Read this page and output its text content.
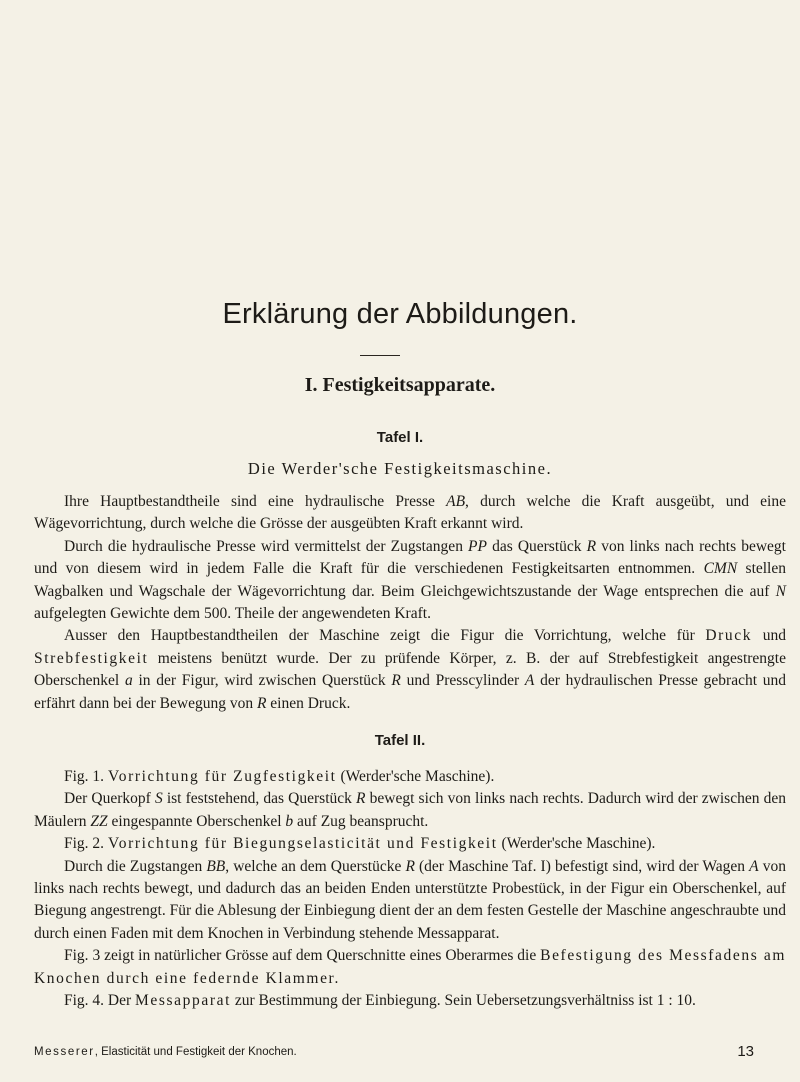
Erklärung der Abbildungen.
I. Festigkeitsapparate.
Tafel I.
Die Werder'sche Festigkeitsmaschine.

Ihre Hauptbestandtheile sind eine hydraulische Presse AB, durch welche die Kraft ausgeübt, und eine Wägevorrichtung, durch welche die Grösse der ausgeübten Kraft erkannt wird.

Durch die hydraulische Presse wird vermittelst der Zugstangen PP das Querstück R von links nach rechts bewegt und von diesem wird in jedem Falle die Kraft für die verschiedenen Festigkeitsarten entnommen. CMN stellen Wagbalken und Wagschale der Wägevorrichtung dar. Beim Gleichgewichtszustande der Wage entsprechen die auf N aufgelegten Gewichte dem 500. Theile der angewendeten Kraft.

Ausser den Hauptbestandtheilen der Maschine zeigt die Figur die Vorrichtung, welche für Druck und Strebfestigkeit meistens benützt wurde. Der zu prüfende Körper, z. B. der auf Strebfestigkeit angestrengte Oberschenkel a in der Figur, wird zwischen Querstück R und Presscylinder A der hydraulischen Presse gebracht und erfährt dann bei der Bewegung von R einen Druck.

Tafel II.

Fig. 1. Vorrichtung für Zugfestigkeit (Werder'sche Maschine).

Der Querkopf S ist feststehend, das Querstück R bewegt sich von links nach rechts. Dadurch wird der zwischen den Mäulern ZZ eingespannte Oberschenkel b auf Zug beansprucht.

Fig. 2. Vorrichtung für Biegungselasticität und Festigkeit (Werder'sche Maschine).

Durch die Zugstangen BB, welche an dem Querstücke R (der Maschine Taf. I) befestigt sind, wird der Wagen A von links nach rechts bewegt, und dadurch das an beiden Enden unterstützte Probestück, in der Figur ein Oberschenkel, auf Biegung angestrengt. Für die Ablesung der Einbiegung dient der an dem festen Gestelle der Maschine angeschraubte und durch einen Faden mit dem Knochen in Verbindung stehende Messapparat.

Fig. 3 zeigt in natürlicher Grösse auf dem Querschnitte eines Oberarmes die Befestigung des Messfadens am Knochen durch eine federnde Klammer.

Fig. 4. Der Messapparat zur Bestimmung der Einbiegung. Sein Uebersetzungsverhältniss ist 1 : 10.

Messerer, Elasticität und Festigkeit der Knochen.	13
